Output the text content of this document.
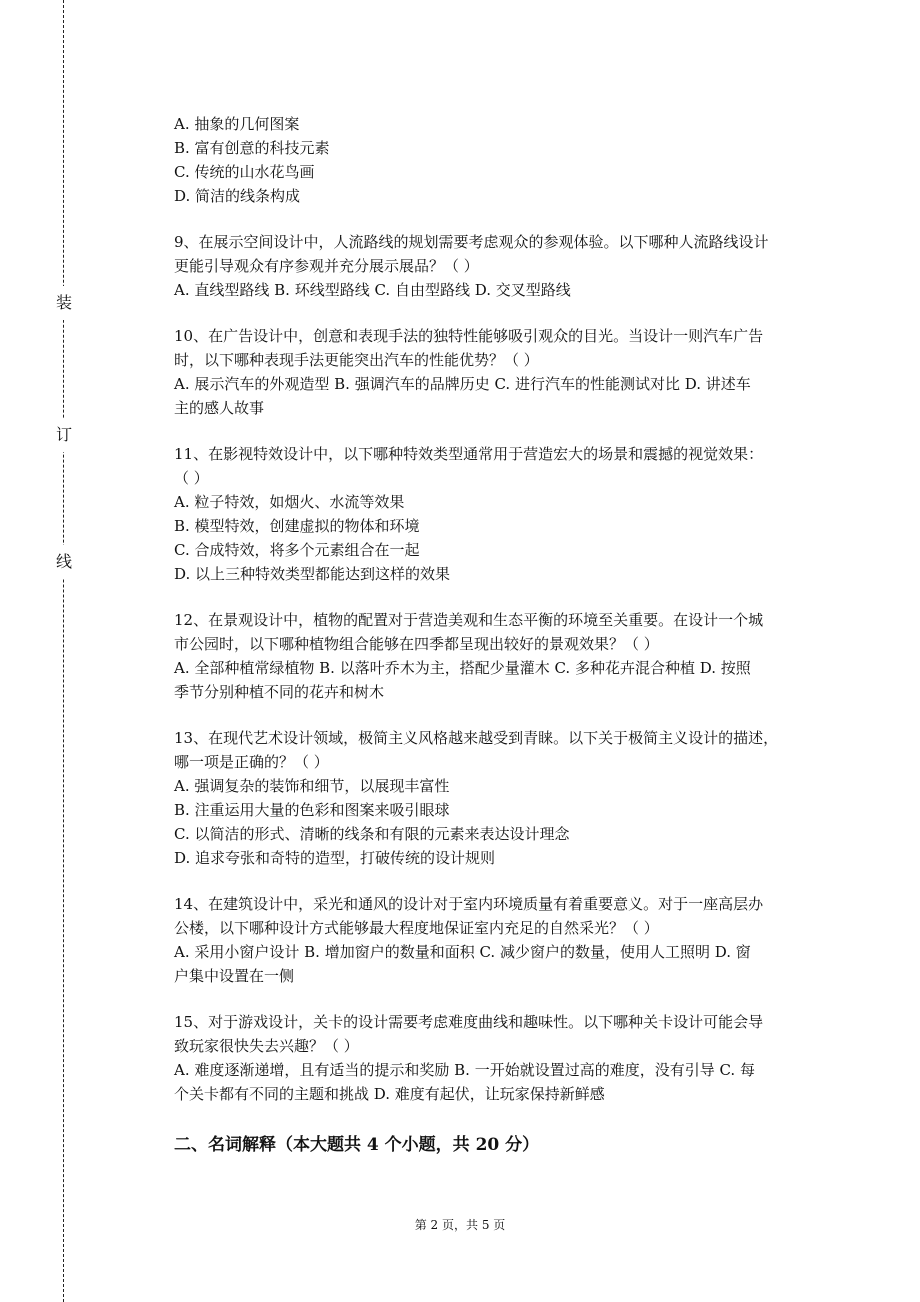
装
订
线
A. 抽象的几何图案
B. 富有创意的科技元素
C. 传统的山水花鸟画
D. 简洁的线条构成
9、在展示空间设计中，人流路线的规划需要考虑观众的参观体验。以下哪种人流路线设计
更能引导观众有序参观并充分展示展品？（ ）
A. 直线型路线 B. 环线型路线 C. 自由型路线 D. 交叉型路线
10、在广告设计中，创意和表现手法的独特性能够吸引观众的目光。当设计一则汽车广告
时，以下哪种表现手法更能突出汽车的性能优势？（ ）
A. 展示汽车的外观造型 B. 强调汽车的品牌历史 C. 进行汽车的性能测试对比 D. 讲述车
主的感人故事
11、在影视特效设计中，以下哪种特效类型通常用于营造宏大的场景和震撼的视觉效果：
（ ）
A. 粒子特效，如烟火、水流等效果
B. 模型特效，创建虚拟的物体和环境
C. 合成特效，将多个元素组合在一起
D. 以上三种特效类型都能达到这样的效果
12、在景观设计中，植物的配置对于营造美观和生态平衡的环境至关重要。在设计一个城
市公园时，以下哪种植物组合能够在四季都呈现出较好的景观效果？（ ）
A. 全部种植常绿植物 B. 以落叶乔木为主，搭配少量灌木 C. 多种花卉混合种植 D. 按照
季节分别种植不同的花卉和树木
13、在现代艺术设计领域，极简主义风格越来越受到青睐。以下关于极简主义设计的描述，
哪一项是正确的？（ ）
A. 强调复杂的装饰和细节，以展现丰富性
B. 注重运用大量的色彩和图案来吸引眼球
C. 以简洁的形式、清晰的线条和有限的元素来表达设计理念
D. 追求夸张和奇特的造型，打破传统的设计规则
14、在建筑设计中，采光和通风的设计对于室内环境质量有着重要意义。对于一座高层办
公楼，以下哪种设计方式能够最大程度地保证室内充足的自然采光？（ ）
A. 采用小窗户设计 B. 增加窗户的数量和面积 C. 减少窗户的数量，使用人工照明 D. 窗
户集中设置在一侧
15、对于游戏设计，关卡的设计需要考虑难度曲线和趣味性。以下哪种关卡设计可能会导
致玩家很快失去兴趣？（ ）
A. 难度逐渐递增，且有适当的提示和奖励 B. 一开始就设置过高的难度，没有引导 C. 每
个关卡都有不同的主题和挑战 D. 难度有起伏，让玩家保持新鲜感
二、名词解释（本大题共 4 个小题，共 20 分）
第 2 页，共 5 页
